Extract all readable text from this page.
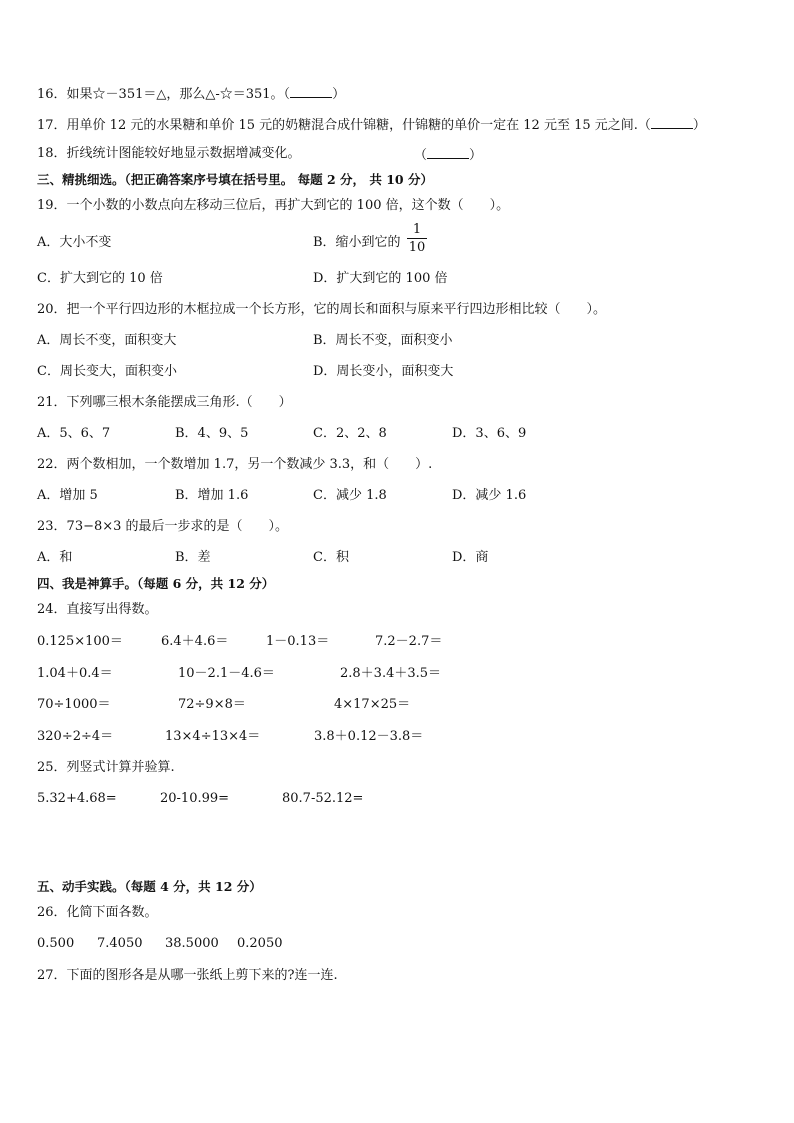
16．如果☆－351＝△，那么△-☆＝351。（	）
17．用单价 12 元的水果糖和单价 15 元的奶糖混合成什锦糖，什锦糖的单价一定在 12 元至 15 元之间.（	）
18．折线统计图能较好地显示数据增减变化。	（	）
三、精挑细选。（把正确答案序号填在括号里。 每题 2 分， 共 10 分）
19．一个小数的小数点向左移动三位后，再扩大到它的 100 倍，这个数（　　）。
A．大小不变	B．缩小到它的 $\frac{1}{10}$
C．扩大到它的 10 倍	D．扩大到它的 100 倍
20．把一个平行四边形的木框拉成一个长方形，它的周长和面积与原来平行四边形相比较（　　）。
A．周长不变，面积变大	B．周长不变，面积变小
C．周长变大，面积变小	D．周长变小，面积变大
21．下列哪三根木条能摆成三角形.（　　）
A．5、6、7	B．4、9、5	C．2、2、8	D．3、6、9
22．两个数相加，一个数增加 1.7，另一个数减少 3.3，和（　　）.
A．增加 5	B．增加 1.6	C．减少 1.8	D．减少 1.6
23．73−8×3 的最后一步求的是（　　）。
A．和	B．差	C．积	D．商
四、我是神算手。（每题 6 分，共 12 分）
24．直接写出得数。
0.125×100＝	6.4＋4.6＝	1－0.13＝	7.2－2.7＝
1.04＋0.4＝	10－2.1－4.6＝	2.8＋3.4＋3.5＝
70÷1000＝	72÷9×8＝	4×17×25＝
320÷2÷4＝	13×4÷13×4＝	3.8＋0.12－3.8＝
25．列竖式计算并验算.
5.32+4.68=	20-10.99=	80.7-52.12=
五、动手实践。（每题 4 分，共 12 分）
26．化简下面各数。
0.500 7.4050 38.5000 0.2050
27．下面的图形各是从哪一张纸上剪下来的?连一连.
